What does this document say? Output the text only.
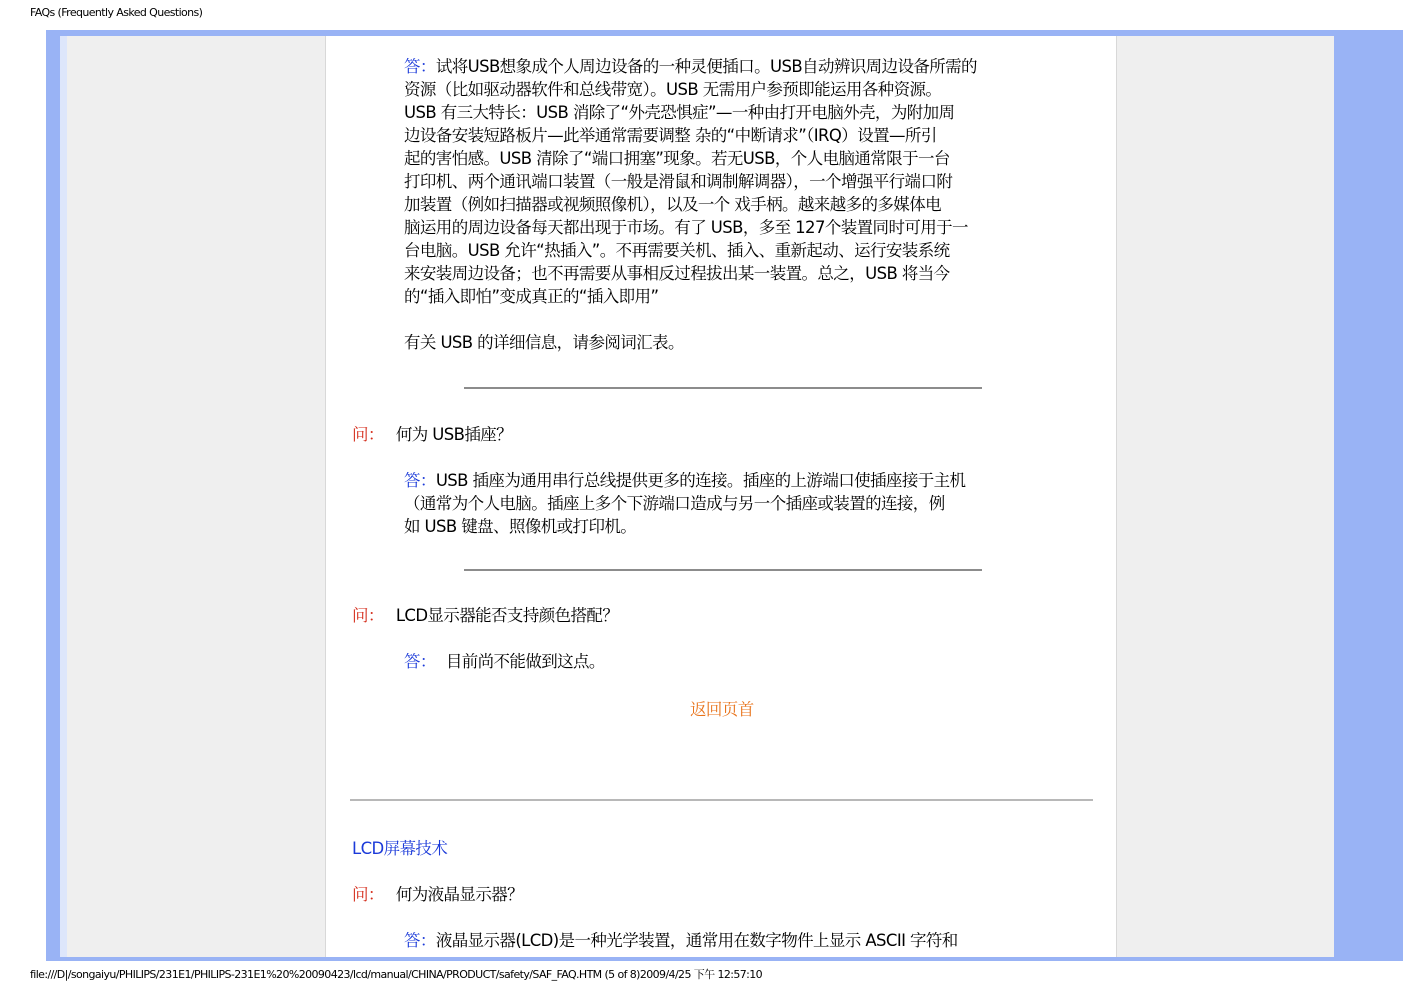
FAQs (Frequently Asked Questions)
答：试将USB想象成个人周边设备的一种灵便插口。USB自动辨识周边设备所需的
资源（比如驱动器软件和总线带宽）。USB 无需用户参预即能运用各种资源。
USB 有三大特长：USB 消除了“外壳恐惧症”—一种由打开电脑外壳，为附加周
边设备安装短路板片—此举通常需要调整 杂的“中断请求”（IRQ）设置—所引
起的害怕感。USB 清除了“端口拥塞”现象。若无USB，个人电脑通常限于一台
打印机、两个通讯端口装置（一般是滑鼠和调制解调器），一个增强平行端口附
加装置（例如扫描器或视频照像机），以及一个 戏手柄。越来越多的多媒体电
脑运用的周边设备每天都出现于市场。有了 USB，多至 127个装置同时可用于一
台电脑。USB 允许“热插入”。不再需要关机、插入、重新起动、运行安装系统
来安装周边设备；也不再需要从事相反过程拔出某一装置。总之，USB 将当今
的“插入即怕”变成真正的“插入即用”
有关 USB 的详细信息，请参阅词汇表。
问： 何为 USB插座？
答：USB 插座为通用串行总线提供更多的连接。插座的上游端口使插座接于主机
（通常为个人电脑。插座上多个下游端口造成与另一个插座或装置的连接，例
如 USB 键盘、照像机或打印机。
问： LCD显示器能否支持颜色搭配？
答： 目前尚不能做到这点。
返回页首
LCD屏幕技术
问： 何为液晶显示器？
答：液晶显示器(LCD)是一种光学装置，通常用在数字物件上显示 ASCII 字符和
file:///D|/songaiyu/PHILIPS/231E1/PHILIPS-231E1%20%20090423/lcd/manual/CHINA/PRODUCT/safety/SAF_FAQ.HTM (5 of 8)2009/4/25 下午 12:57:10
